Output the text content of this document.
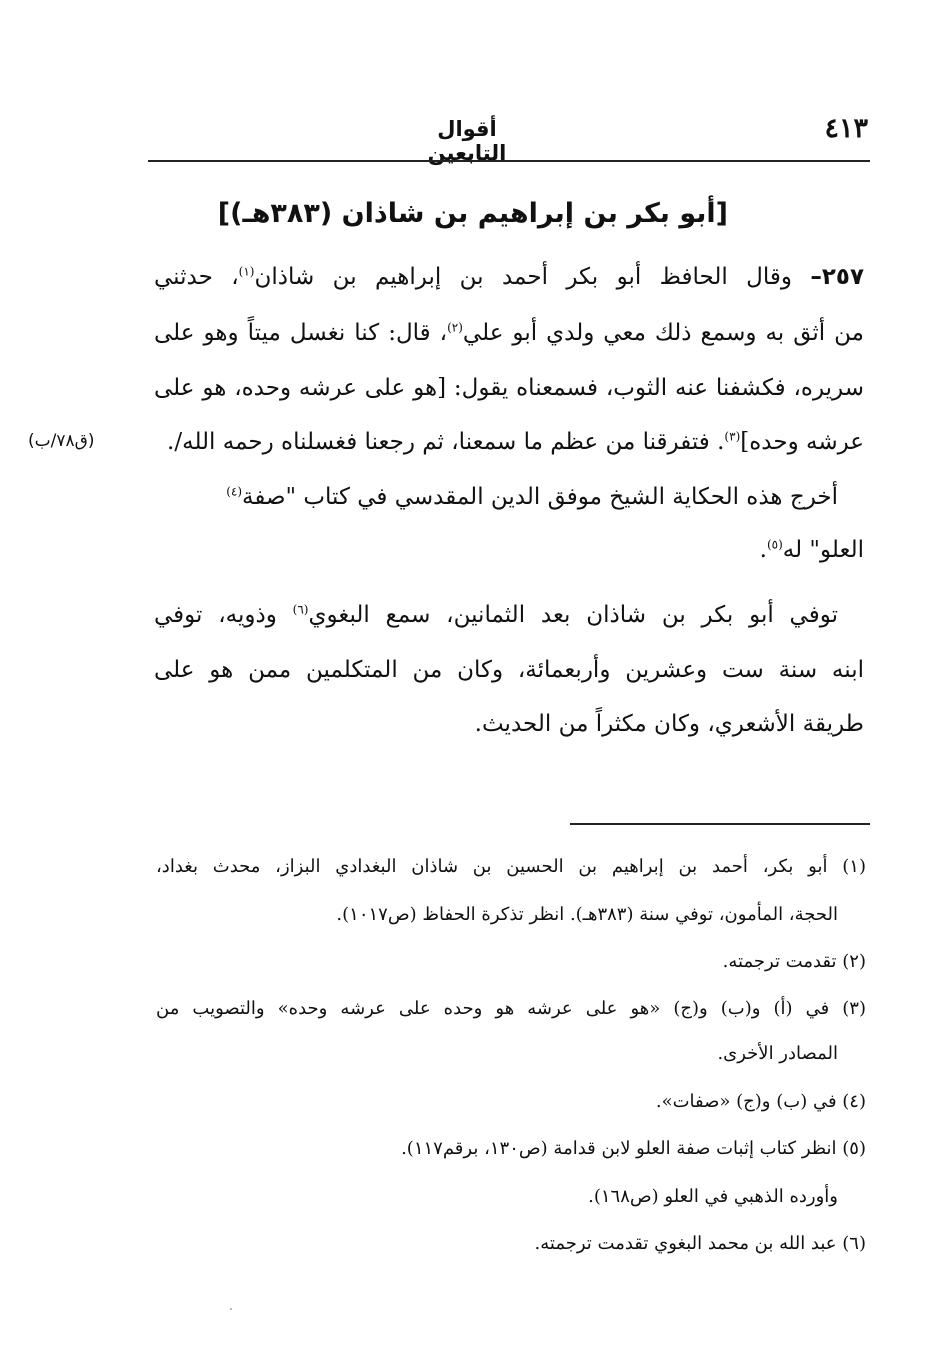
٤١٣
أقوال التابعين
[أبو بكر بن إبراهيم بن شاذان (٣٨٣هـ)]
٢٥٧– وقال الحافظ أبو بكر أحمد بن إبراهيم بن شاذان$^{(١)}$، حدثني
من أثق به وسمع ذلك معي ولدي أبو علي$^{(٢)}$، قال: كنا نغسل ميتاً وهو على
سريره، فكشفنا عنه الثوب، فسمعناه يقول: [هو على عرشه وحده، هو على
عرشه وحده]$^{(٣)}$. فتفرقنا من عظم ما سمعنا، ثم رجعنا فغسلناه رحمه الله/.
(ق٧٨/ب)
أخرج هذه الحكاية الشيخ موفق الدين المقدسي في كتاب "صفة$^{(٤)}$
العلو" له$^{(٥)}$.
توفي أبو بكر بن شاذان بعد الثمانين، سمع البغوي$^{(٦)}$ وذويه، توفي
ابنه سنة ست وعشرين وأربعمائة، وكان من المتكلمين ممن هو على
طريقة الأشعري، وكان مكثراً من الحديث.
(١) أبو بكر، أحمد بن إبراهيم بن الحسين بن شاذان البغدادي البزاز، محدث بغداد،
الحجة، المأمون، توفي سنة (٣٨٣هـ). انظر تذكرة الحفاظ (ص١٠١٧).
(٢) تقدمت ترجمته.
(٣) في (أ) و(ب) و(ج) «هو على عرشه هو وحده على عرشه وحده» والتصويب من
المصادر الأخرى.
(٤) في (ب) و(ج) «صفات».
(٥) انظر كتاب إثبات صفة العلو لابن قدامة (ص١٣٠، برقم١١٧).
وأورده الذهبي في العلو (ص١٦٨).
(٦) عبد الله بن محمد البغوي تقدمت ترجمته.
